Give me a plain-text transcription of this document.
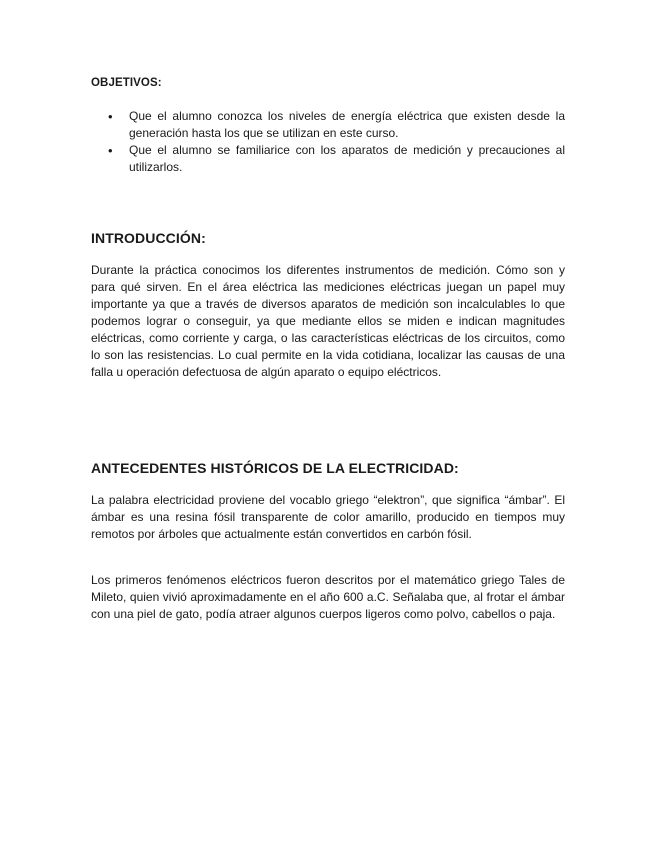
OBJETIVOS:
• Que el alumno conozca los niveles de energía eléctrica que existen desde la generación hasta los que se utilizan en este curso.
• Que el alumno se familiarice con los aparatos de medición y precauciones al utilizarlos.
INTRODUCCIÓN:

Durante la práctica conocimos los diferentes instrumentos de medición. Cómo son y para qué sirven. En el área eléctrica las mediciones eléctricas juegan un papel muy importante ya que a través de diversos aparatos de medición son incalculables lo que podemos lograr o conseguir, ya que mediante ellos se miden e indican magnitudes eléctricas, como corriente y carga, o las características eléctricas de los circuitos, como lo son las resistencias. Lo cual permite en la vida cotidiana, localizar las causas de una falla u operación defectuosa de algún aparato o equipo eléctricos.

ANTECEDENTES HISTÓRICOS DE LA ELECTRICIDAD:

La palabra electricidad proviene del vocablo griego “elektron”, que significa “ámbar”. El ámbar es una resina fósil transparente de color amarillo, producido en tiempos muy remotos por árboles que actualmente están convertidos en carbón fósil.

Los primeros fenómenos eléctricos fueron descritos por el matemático griego Tales de Mileto, quien vivió aproximadamente en el año 600 a.C. Señalaba que, al frotar el ámbar con una piel de gato, podía atraer algunos cuerpos ligeros como polvo, cabellos o paja.
